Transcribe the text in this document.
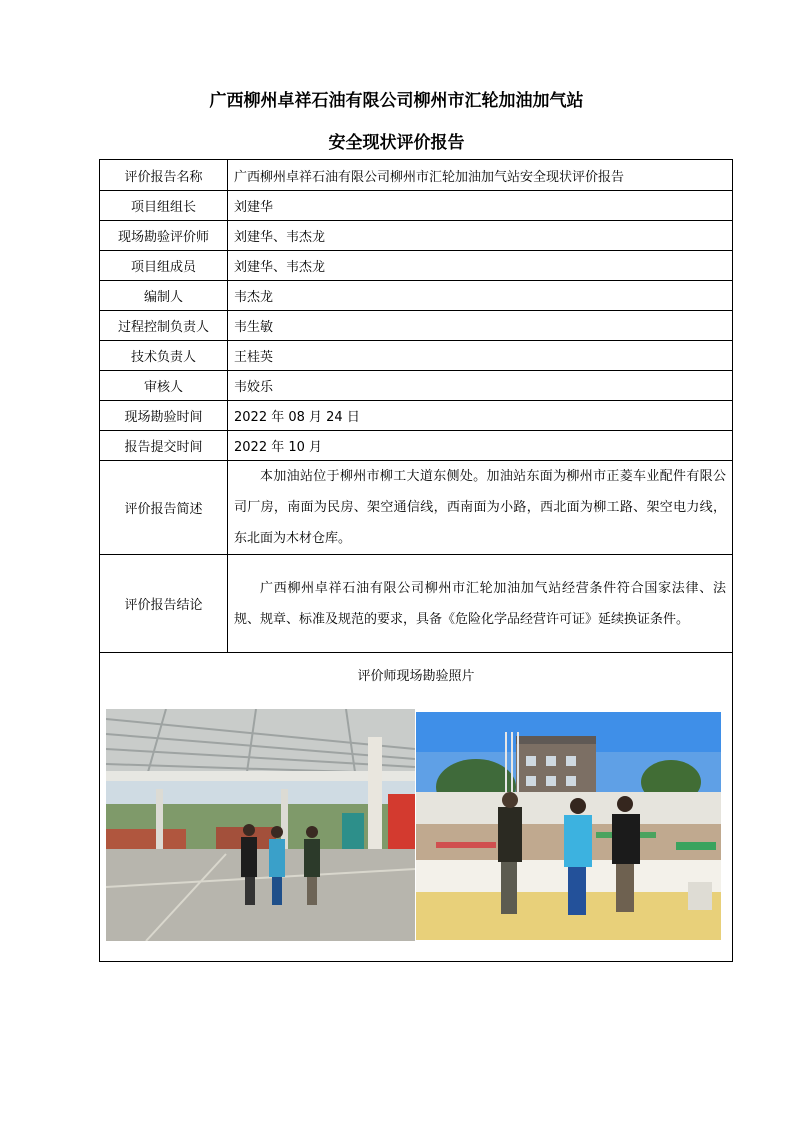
广西柳州卓祥石油有限公司柳州市汇轮加油加气站
安全现状评价报告
评价报告名称	广西柳州卓祥石油有限公司柳州市汇轮加油加气站安全现状评价报告
项目组组长	刘建华
现场勘验评价师	刘建华、韦杰龙
项目组成员	刘建华、韦杰龙
编制人	韦杰龙
过程控制负责人	韦生敏
技术负责人	王桂英
审核人	韦姣乐
现场勘验时间	2022 年 08 月 24 日
报告提交时间	2022 年 10 月
评价报告简述	本加油站位于柳州市柳工大道东侧处。加油站东面为柳州市正菱车业配件有限公司厂房，南面为民房、架空通信线，西南面为小路，西北面为柳工路、架空电力线，东北面为木材仓库。

评价报告结论	广西柳州卓祥石油有限公司柳州市汇轮加油加气站经营条件符合国家法律、法规、规章、标准及规范的要求，具备《危险化学品经营许可证》延续换证条件。

评价师现场勘验照片	
